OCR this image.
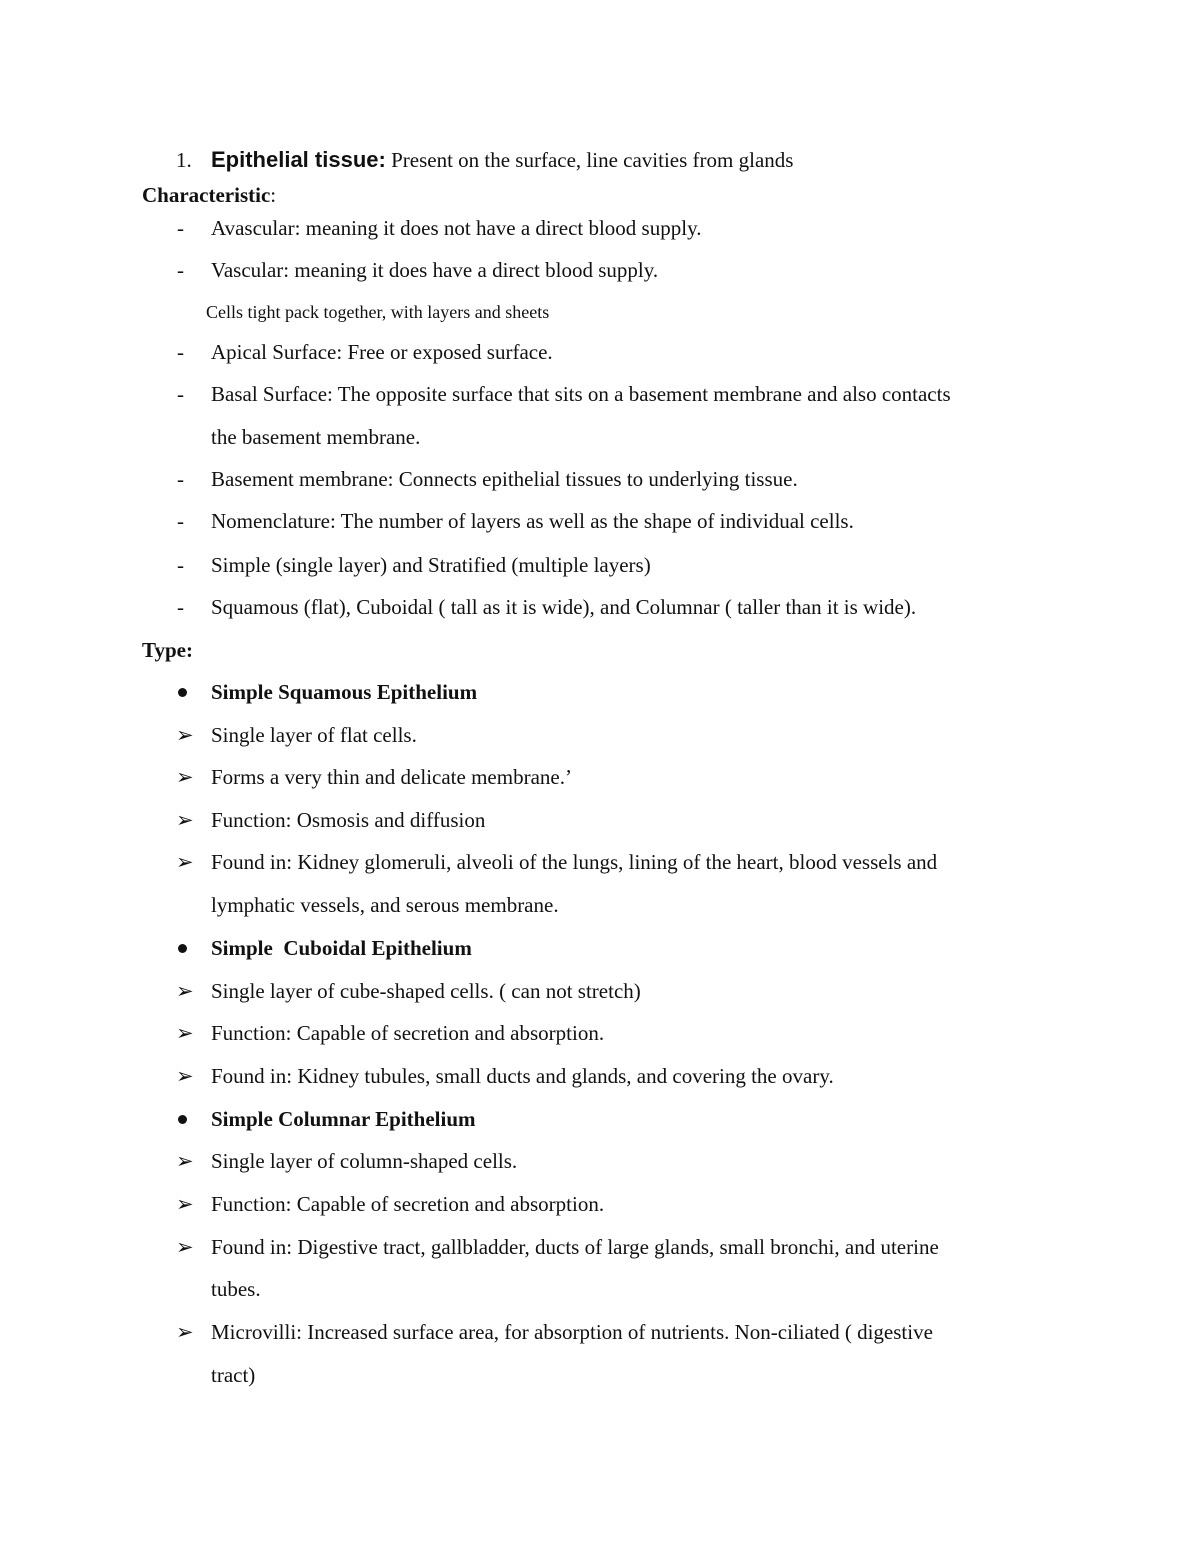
1. Epithelial tissue: Present on the surface, line cavities from glands
Characteristic:
- Avascular: meaning it does not have a direct blood supply.
- Vascular: meaning it does have a direct blood supply.
Cells tight pack together, with layers and sheets
- Apical Surface: Free or exposed surface.
- Basal Surface: The opposite surface that sits on a basement membrane and also contacts
the basement membrane.
- Basement membrane: Connects epithelial tissues to underlying tissue.
- Nomenclature: The number of layers as well as the shape of individual cells.
- Simple (single layer) and Stratified (multiple layers)
- Squamous (flat), Cuboidal ( tall as it is wide), and Columnar ( taller than it is wide).
Type:
Simple Squamous Epithelium
➢ Single layer of flat cells.
➢ Forms a very thin and delicate membrane.’
➢ Function: Osmosis and diffusion
➢ Found in: Kidney glomeruli, alveoli of the lungs, lining of the heart, blood vessels and
lymphatic vessels, and serous membrane.
Simple  Cuboidal Epithelium
➢ Single layer of cube-shaped cells. ( can not stretch)
➢ Function: Capable of secretion and absorption.
➢ Found in: Kidney tubules, small ducts and glands, and covering the ovary.
Simple Columnar Epithelium
➢ Single layer of column-shaped cells.
➢ Function: Capable of secretion and absorption.
➢ Found in: Digestive tract, gallbladder, ducts of large glands, small bronchi, and uterine
tubes.
➢ Microvilli: Increased surface area, for absorption of nutrients. Non-ciliated ( digestive
tract)
